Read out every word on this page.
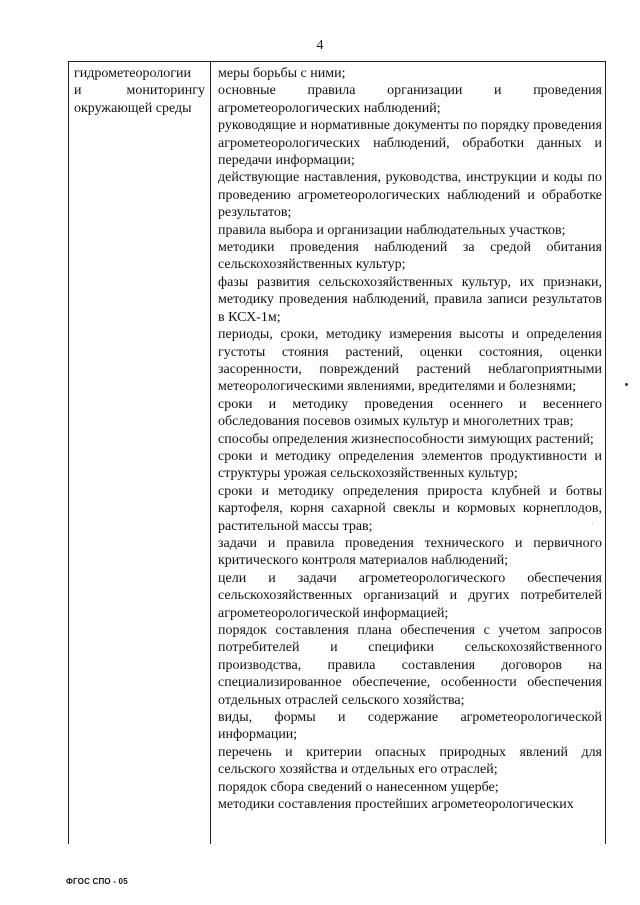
4
гидрометеорологии
и	мониторингу
окружающей среды

меры борьбы с ними;

основные правила организации и проведения агрометеорологических наблюдений;

руководящие и нормативные документы по порядку проведения агрометеорологических наблюдений, обработки данных и передачи информации;

действующие наставления, руководства, инструкции и коды по проведению агрометеорологических наблюдений и обработке результатов;

правила выбора и организации наблюдательных участков;

методики проведения наблюдений за средой обитания сельскохозяйственных культур;

фазы развития сельскохозяйственных культур, их признаки, методику проведения наблюдений, правила записи результатов в КСХ-1м;

периоды, сроки, методику измерения высоты и определения густоты стояния растений, оценки состояния, оценки засоренности, повреждений растений неблагоприятными метеорологическими явлениями, вредителями и болезнями;

сроки и методику проведения осеннего и весеннего обследования посевов озимых культур и многолетних трав;

способы определения жизнеспособности зимующих растений;

сроки и методику определения элементов продуктивности и структуры урожая сельскохозяйственных культур;

сроки и методику определения прироста клубней и ботвы картофеля, корня сахарной свеклы и кормовых корнеплодов, растительной массы трав;

задачи и правила проведения технического и первичного критического контроля материалов наблюдений;

цели и задачи агрометеорологического обеспечения сельскохозяйственных организаций и других потребителей агрометеорологической информацией;

порядок составления плана обеспечения с учетом запросов потребителей и специфики сельскохозяйственного производства, правила составления договоров на специализированное обеспечение, особенности обеспечения отдельных отраслей сельского хозяйства;

виды, формы и содержание агрометеорологической информации;

перечень и критерии опасных природных явлений для сельского хозяйства и отдельных его отраслей;

порядок сбора сведений о нанесенном ущербе;

методики составления простейших агрометеорологических

ФГОС СПО - 05
